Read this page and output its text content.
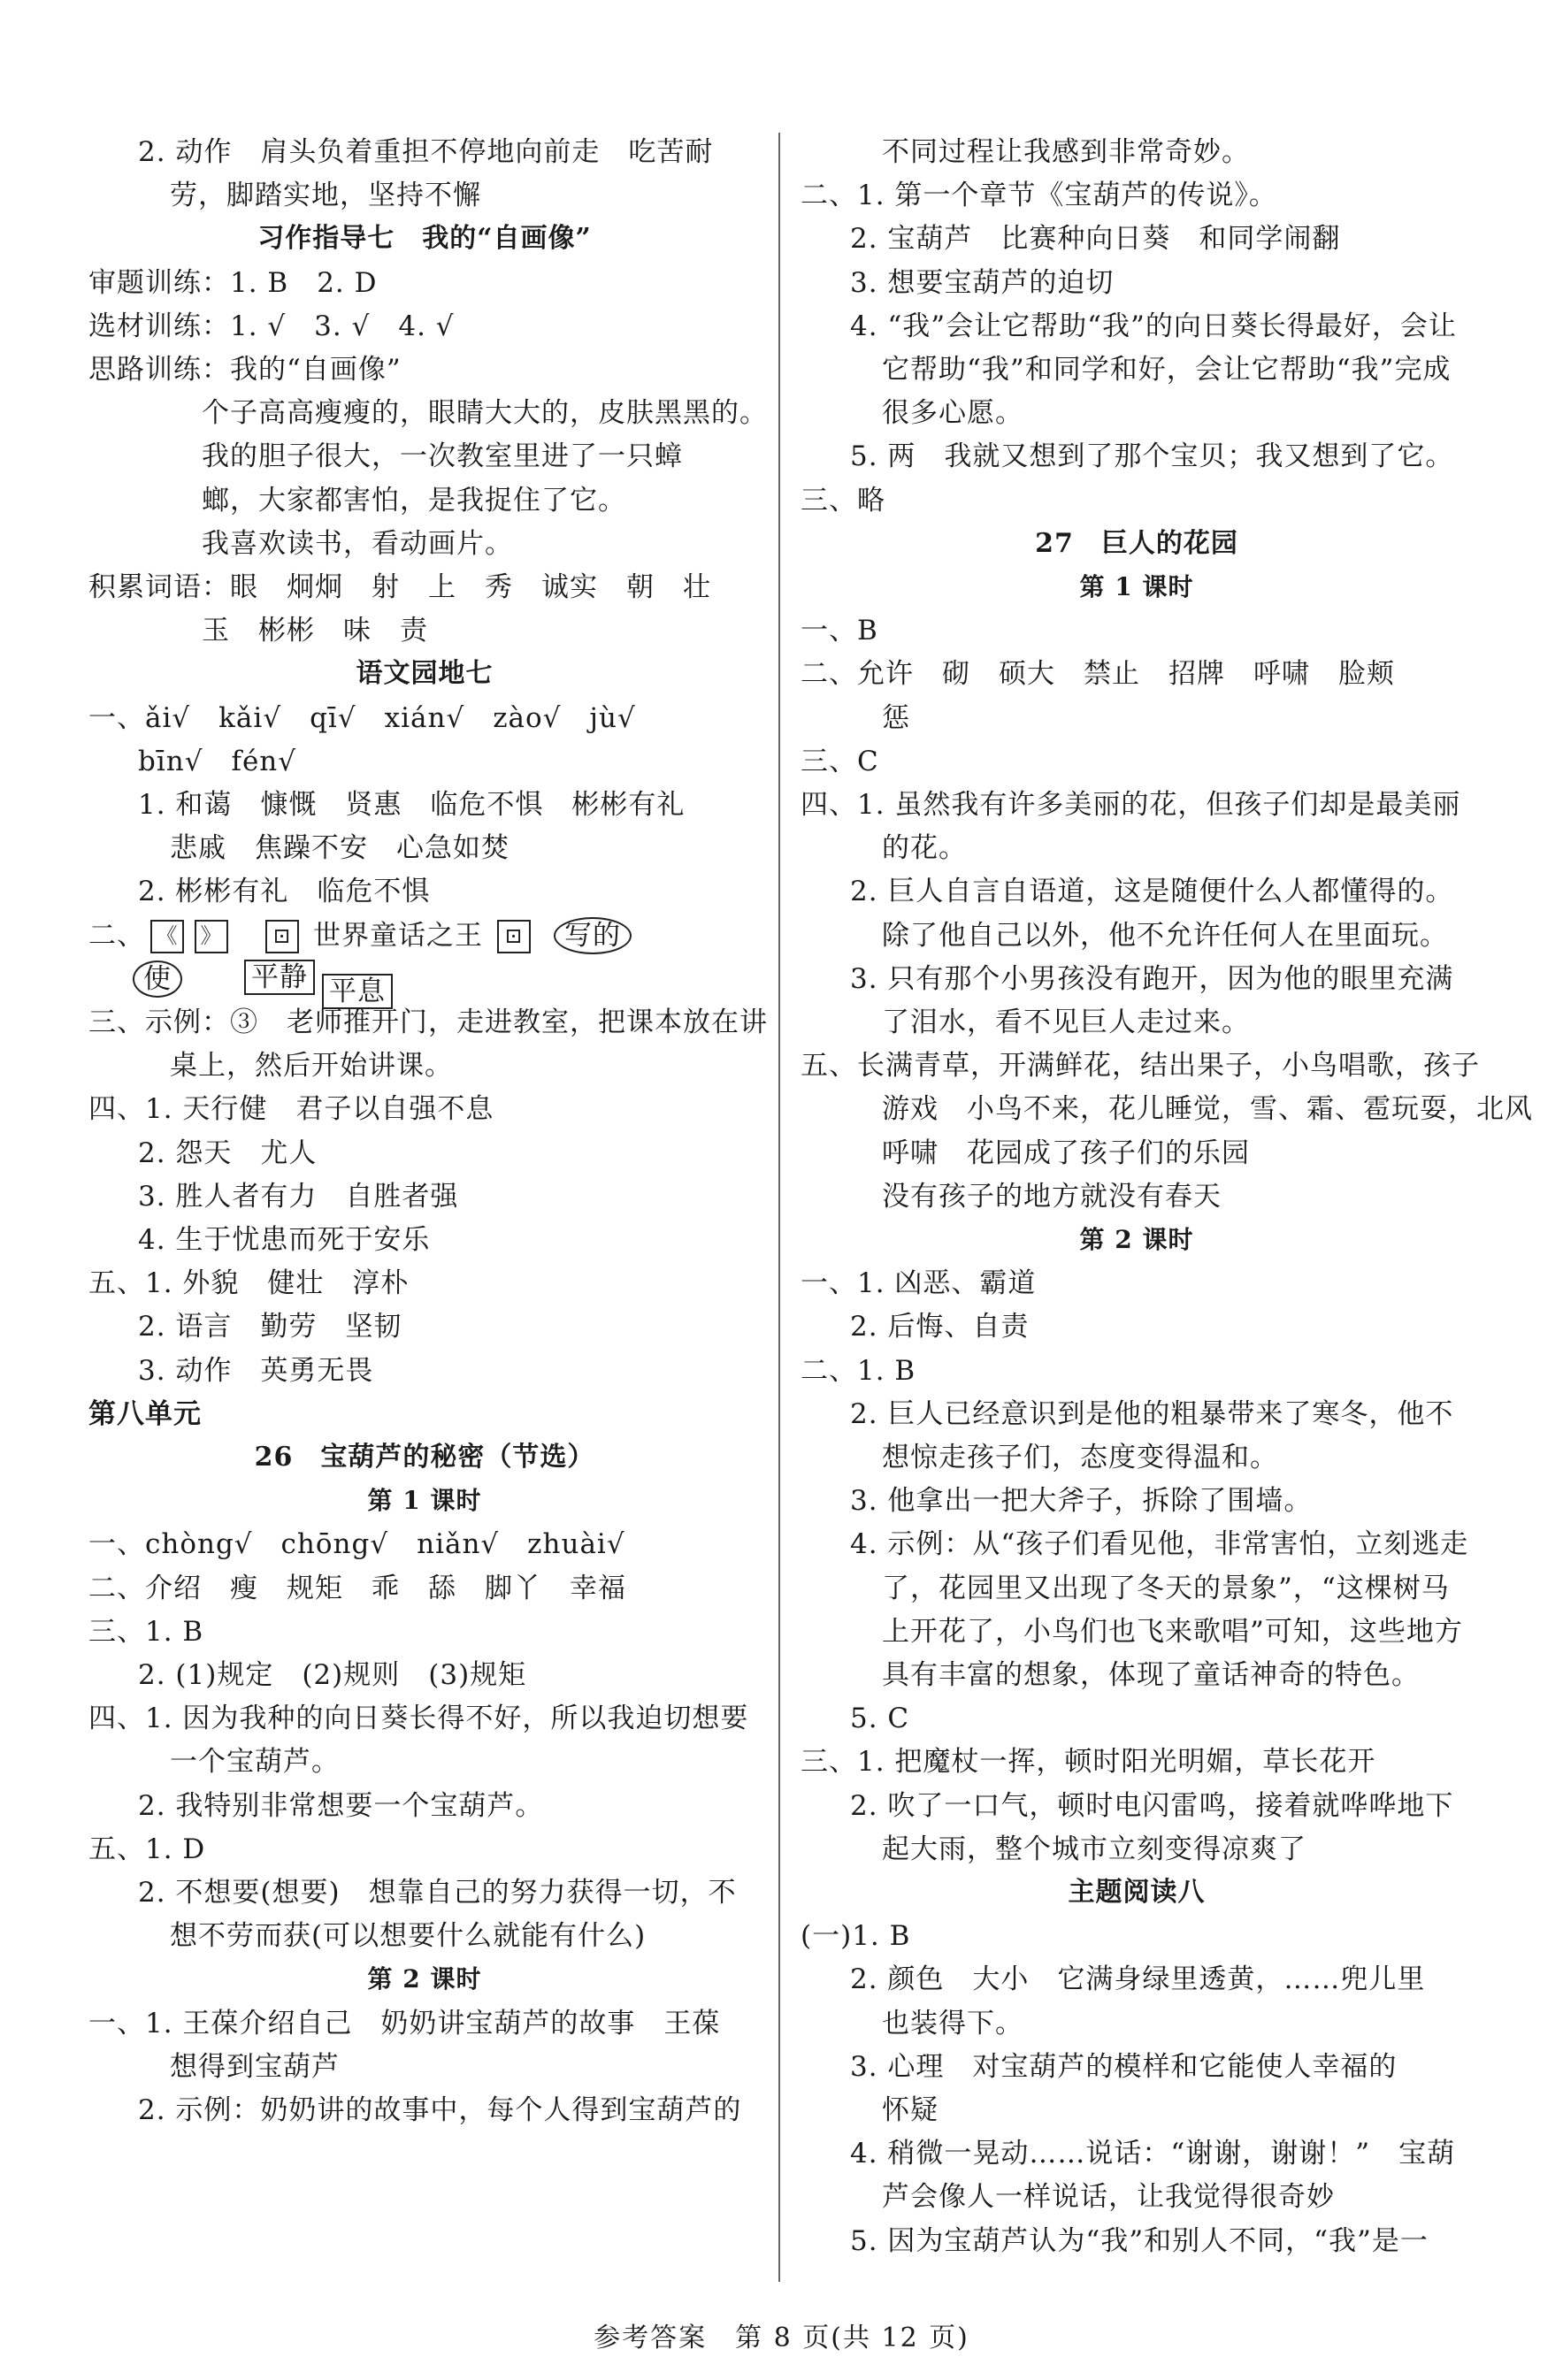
2. 动作　肩头负着重担不停地向前走　吃苦耐
劳，脚踏实地，坚持不懈
习作指导七　我的“自画像”
审题训练：1. B　2. D
选材训练：1. √　3. √　4. √
思路训练：我的“自画像”
个子高高瘦瘦的，眼睛大大的，皮肤黑黑的。
我的胆子很大，一次教室里进了一只蟑
螂，大家都害怕，是我捉住了它。
我喜欢读书，看动画片。
积累词语：眼　炯炯　射　上　秀　诚实　朝　壮
玉　彬彬　味　责
语文园地七
一、ǎi√　kǎi√　qī√　xián√　zào√　jù√
bīn√　fén√
1. 和蔼　慷慨　贤惠　临危不惧　彬彬有礼
悲戚　焦躁不安　心急如焚
2. 彬彬有礼　临危不惧
二、 《 》 ⊡ 世界童话之王 ⊡ 写的
使	平静 平息
三、示例：③　老师推开门，走进教室，把课本放在讲
桌上，然后开始讲课。
四、1. 天行健　君子以自强不息
2. 怨天　尤人
3. 胜人者有力　自胜者强
4. 生于忧患而死于安乐
五、1. 外貌　健壮　淳朴
2. 语言　勤劳　坚韧
3. 动作　英勇无畏
第八单元
26　宝葫芦的秘密（节选）
第 1 课时
一、chòng√　chōng√　niǎn√　zhuài√
二、介绍　瘦　规矩　乖　舔　脚丫　幸福
三、1. B
2. (1)规定　(2)规则　(3)规矩
四、1. 因为我种的向日葵长得不好，所以我迫切想要
一个宝葫芦。
2. 我特别非常想要一个宝葫芦。
五、1. D
2. 不想要(想要)　想靠自己的努力获得一切，不
想不劳而获(可以想要什么就能有什么)
第 2 课时
一、1. 王葆介绍自己　奶奶讲宝葫芦的故事　王葆
想得到宝葫芦
2. 示例：奶奶讲的故事中，每个人得到宝葫芦的
不同过程让我感到非常奇妙。
二、1. 第一个章节《宝葫芦的传说》。
2. 宝葫芦　比赛种向日葵　和同学闹翻
3. 想要宝葫芦的迫切
4. “我”会让它帮助“我”的向日葵长得最好，会让
它帮助“我”和同学和好，会让它帮助“我”完成
很多心愿。
5. 两　我就又想到了那个宝贝；我又想到了它。
三、略
27　巨人的花园
第 1 课时
一、B
二、允许　砌　硕大　禁止　招牌　呼啸　脸颊
惩
三、C
四、1. 虽然我有许多美丽的花，但孩子们却是最美丽
的花。
2. 巨人自言自语道，这是随便什么人都懂得的。
除了他自己以外，他不允许任何人在里面玩。
3. 只有那个小男孩没有跑开，因为他的眼里充满
了泪水，看不见巨人走过来。
五、长满青草，开满鲜花，结出果子，小鸟唱歌，孩子
游戏　小鸟不来，花儿睡觉，雪、霜、雹玩耍，北风
呼啸　花园成了孩子们的乐园
没有孩子的地方就没有春天
第 2 课时
一、1. 凶恶、霸道
2. 后悔、自责
二、1. B
2. 巨人已经意识到是他的粗暴带来了寒冬，他不
想惊走孩子们，态度变得温和。
3. 他拿出一把大斧子，拆除了围墙。
4. 示例：从“孩子们看见他，非常害怕，立刻逃走
了，花园里又出现了冬天的景象”，“这棵树马
上开花了，小鸟们也飞来歌唱”可知，这些地方
具有丰富的想象，体现了童话神奇的特色。
5. C
三、1. 把魔杖一挥，顿时阳光明媚，草长花开
2. 吹了一口气，顿时电闪雷鸣，接着就哗哗地下
起大雨，整个城市立刻变得凉爽了
主题阅读八
(一)1. B
2. 颜色　大小　它满身绿里透黄，……兜儿里
也装得下。
3. 心理　对宝葫芦的模样和它能使人幸福的
怀疑
4. 稍微一晃动……说话：“谢谢，谢谢！”　宝葫
芦会像人一样说话，让我觉得很奇妙
5. 因为宝葫芦认为“我”和别人不同，“我”是一
参考答案　第 8 页(共 12 页)
